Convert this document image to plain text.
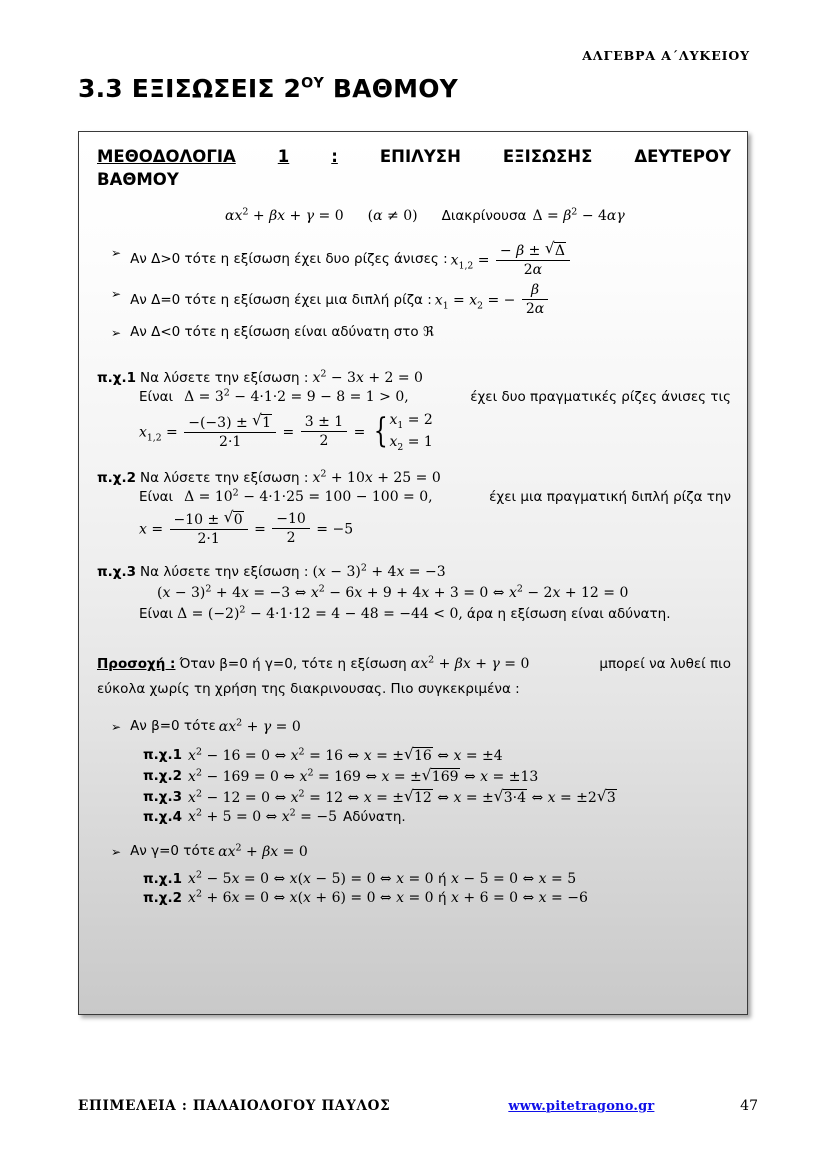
ΑΛΓΕΒΡΑ Α΄ΛΥΚΕΙΟΥ
3.3 ΕΞΙΣΩΣΕΙΣ $2^{O\Upsilon}$ ΒΑΘΜΟΥ
ΜΕΘΟΔΟΛΟΓΙΑ	1	:	ΕΠΙΛΥΣΗ	ΕΞΙΣΩΣΗΣ	ΔΕΥΤΕΡΟΥ
ΒΑΘΜΟΥ
$\alpha x^2 + \beta x + \gamma = 0$ (α ≠ 0) Διακρίνουσα $\Delta = \beta^2 - 4\alpha\gamma$
➢ Αν Δ>0 τότε η εξίσωση έχει δυο ρίζες άνισες : $x_{1,2} = \frac{- \beta \pm √ \Delta}{2\alpha}$
➢ Αν Δ=0 τότε η εξίσωση έχει μια διπλή ρίζα : $x_1 = x_2$ = − $\frac{\beta}{2\alpha}$
➢ Αν Δ<0 τότε η εξίσωση είναι αδύνατη στο ℜ
π.χ.1 Να λύσετε την εξίσωση : $x^2 - 3x + 2 = 0$
Είναι $\Delta = 3^2 - 4\cdot 1\cdot 2 = 9 - 8 = 1 > 0$,	έχει δυο πραγματικές ρίζες άνισες τις
$x_{1,2} = \frac{-(-3) \pm √ 1}{2\cdot 1} = \frac{3 \pm 1}{2}$ = { $x_1 = 2$
$x_2 = 1$
π.χ.2 Να λύσετε την εξίσωση : $x^2 + 10x + 25 = 0$
Είναι $\Delta = 10^2 - 4\cdot 1\cdot 25 = 100 - 100 = 0$,	έχει μια πραγματική διπλή ρίζα την
$x = \frac{-10 \pm √ 0}{2\cdot 1} = \frac{-10}{2} = -5$
π.χ.3 Να λύσετε την εξίσωση : $(x - 3)^2 + 4x = -3$
$(x - 3)^2 + 4x = -3$ ⇔ $x^2 - 6x + 9 + 4x + 3 = 0$ ⇔ $x^2 - 2x + 12 = 0$
Είναι $\Delta = (-2)^2 - 4\cdot 1\cdot 12 = 4 - 48 = -44 < 0$, άρα η εξίσωση είναι αδύνατη.
Προσοχή : Όταν β=0 ή γ=0, τότε η εξίσωση $\alpha x^2 + \beta x + \gamma = 0$	μπορεί να λυθεί πιο
εύκολα χωρίς τη χρήση της διακρινουσας. Πιο συγκεκριμένα :
➢ Αν β=0 τότε $\alpha x^2 + \gamma = 0$
π.χ.1 $x^2 - 16 = 0$ ⇔ $x^2 = 16$ ⇔ x = ± √ 16 ⇔ x = ±4
π.χ.2 $x^2 - 169 = 0$ ⇔ $x^2 = 169$ ⇔ x = ± √ 169 ⇔ x = ±13
π.χ.3 $x^2 - 12 = 0$ ⇔ $x^2 = 12$ ⇔ x = ± √ 12 ⇔ x = ± √ 3·4 ⇔ x = ±2 √ 3
π.χ.4 $x^2 + 5 = 0$ ⇔ $x^2 = -5$ Αδύνατη.
➢ Αν γ=0 τότε $\alpha x^2 + \beta x = 0$
π.χ.1 $x^2 - 5x = 0$ ⇔ x(x − 5) = 0 ⇔ x = 0 ή x − 5 = 0 ⇔ x = 5
π.χ.2 $x^2 + 6x = 0$ ⇔ x(x + 6) = 0 ⇔ x = 0 ή x + 6 = 0 ⇔ x = −6
ΕΠΙΜΕΛΕΙΑ : ΠΑΛΑΙΟΛΟΓΟΥ ΠΑΥΛΟΣ	www.pitetragono.gr	47
